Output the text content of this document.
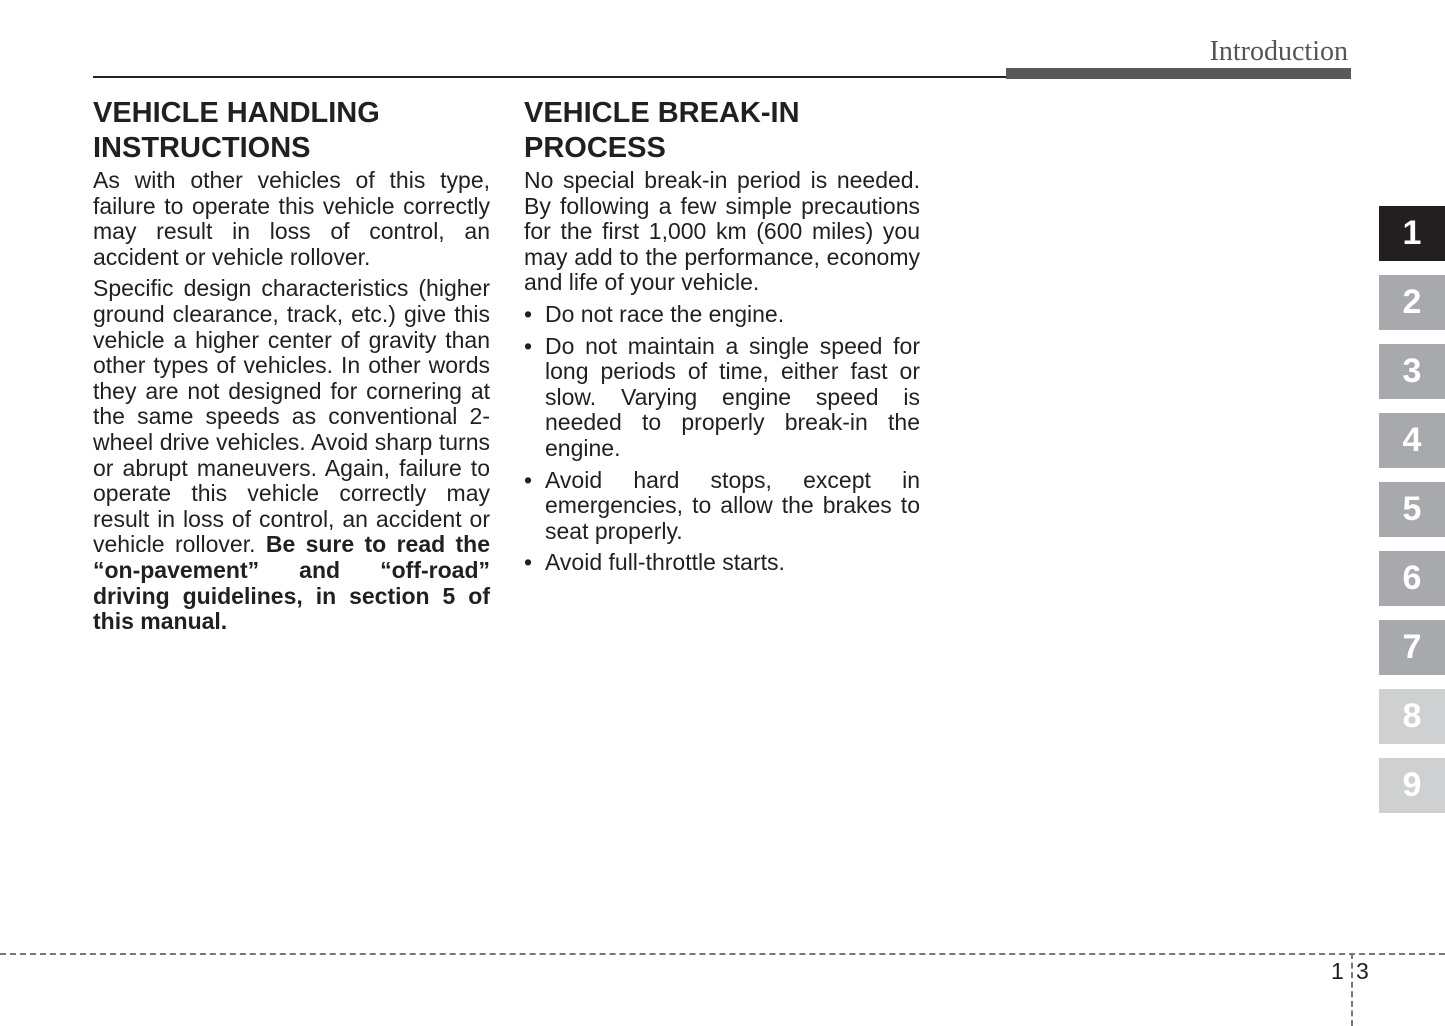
Introduction
VEHICLE HANDLING
INSTRUCTIONS

As with other vehicles of this type, failure to operate this vehicle correctly may result in loss of control, an accident or vehicle rollover.

Specific design characteristics (higher ground clearance, track, etc.) give this vehicle a higher center of gravity than other types of vehicles. In other words they are not designed for cornering at the same speeds as conventional 2-wheel drive vehicles. Avoid sharp turns or abrupt maneuvers. Again, failure to operate this vehicle correctly may result in loss of control, an accident or vehicle rollover. Be sure to read the “on-pavement” and “off-road” driving guidelines, in section 5 of this manual.

VEHICLE BREAK-IN
PROCESS

No special break-in period is needed. By following a few simple precautions for the first 1,000 km (600 miles) you may add to the performance, economy and life of your vehicle.

• Do not race the engine.
• Do not maintain a single speed for long periods of time, either fast or slow. Varying engine speed is needed to properly break-in the engine.
• Avoid hard stops, except in emergencies, to allow the brakes to seat properly.
• Avoid full-throttle starts.
1
2
3
4
5
6
7
8
9
1 3
